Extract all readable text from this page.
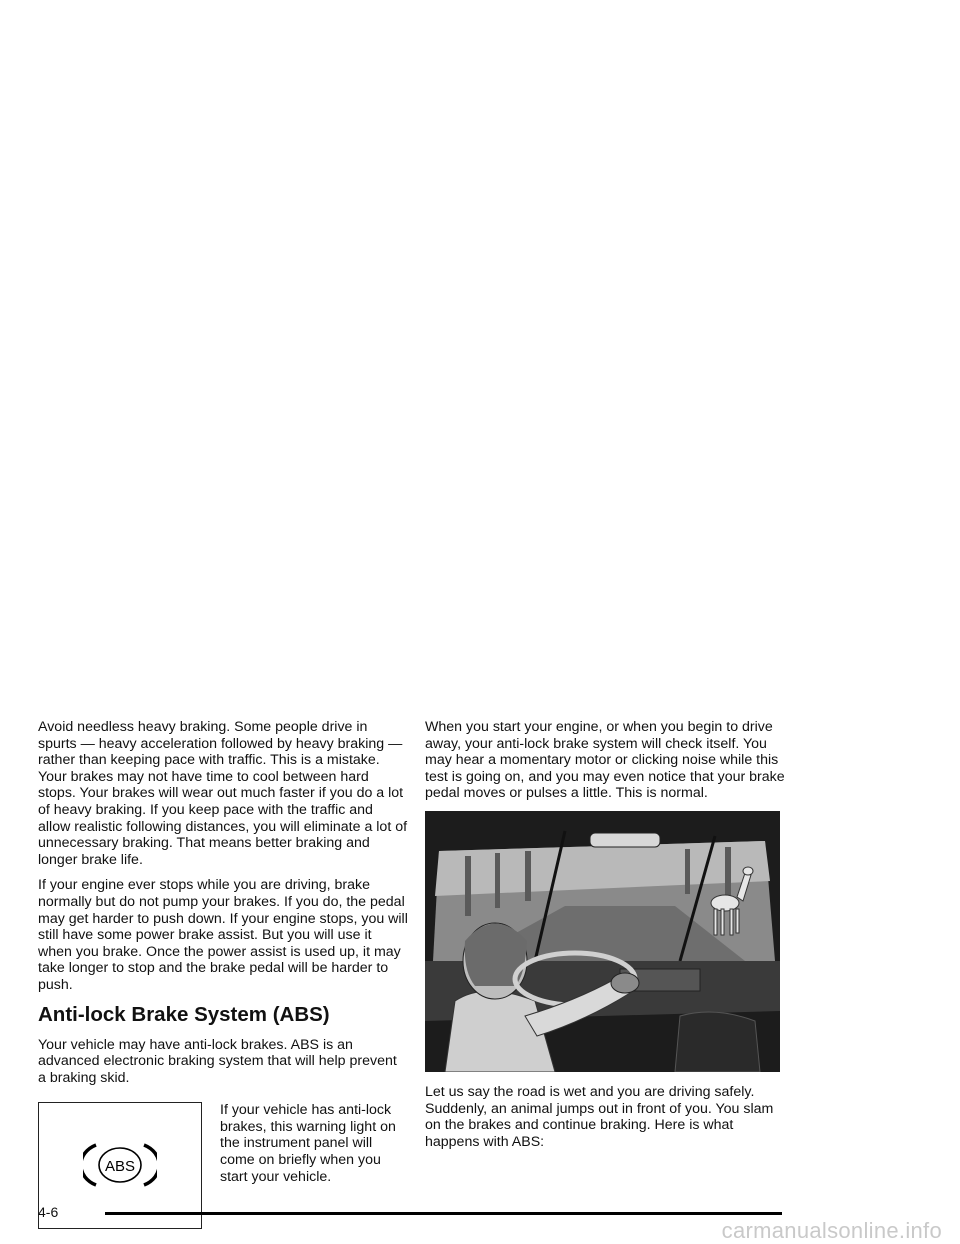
Avoid needless heavy braking. Some people drive in spurts — heavy acceleration followed by heavy braking — rather than keeping pace with traffic. This is a mistake. Your brakes may not have time to cool between hard stops. Your brakes will wear out much faster if you do a lot of heavy braking. If you keep pace with the traffic and allow realistic following distances, you will eliminate a lot of unnecessary braking. That means better braking and longer brake life.

If your engine ever stops while you are driving, brake normally but do not pump your brakes. If you do, the pedal may get harder to push down. If your engine stops, you will still have some power brake assist. But you will use it when you brake. Once the power assist is used up, it may take longer to stop and the brake pedal will be harder to push.

Anti-lock Brake System (ABS)

Your vehicle may have anti-lock brakes. ABS is an advanced electronic braking system that will help prevent a braking skid.

ABS
If your vehicle has anti-lock brakes, this warning light on the instrument panel will come on briefly when you start your vehicle.

When you start your engine, or when you begin to drive away, your anti-lock brake system will check itself. You may hear a momentary motor or clicking noise while this test is going on, and you may even notice that your brake pedal moves or pulses a little. This is normal.

Let us say the road is wet and you are driving safely. Suddenly, an animal jumps out in front of you. You slam on the brakes and continue braking. Here is what happens with ABS:

4-6
carmanualsonline.info
